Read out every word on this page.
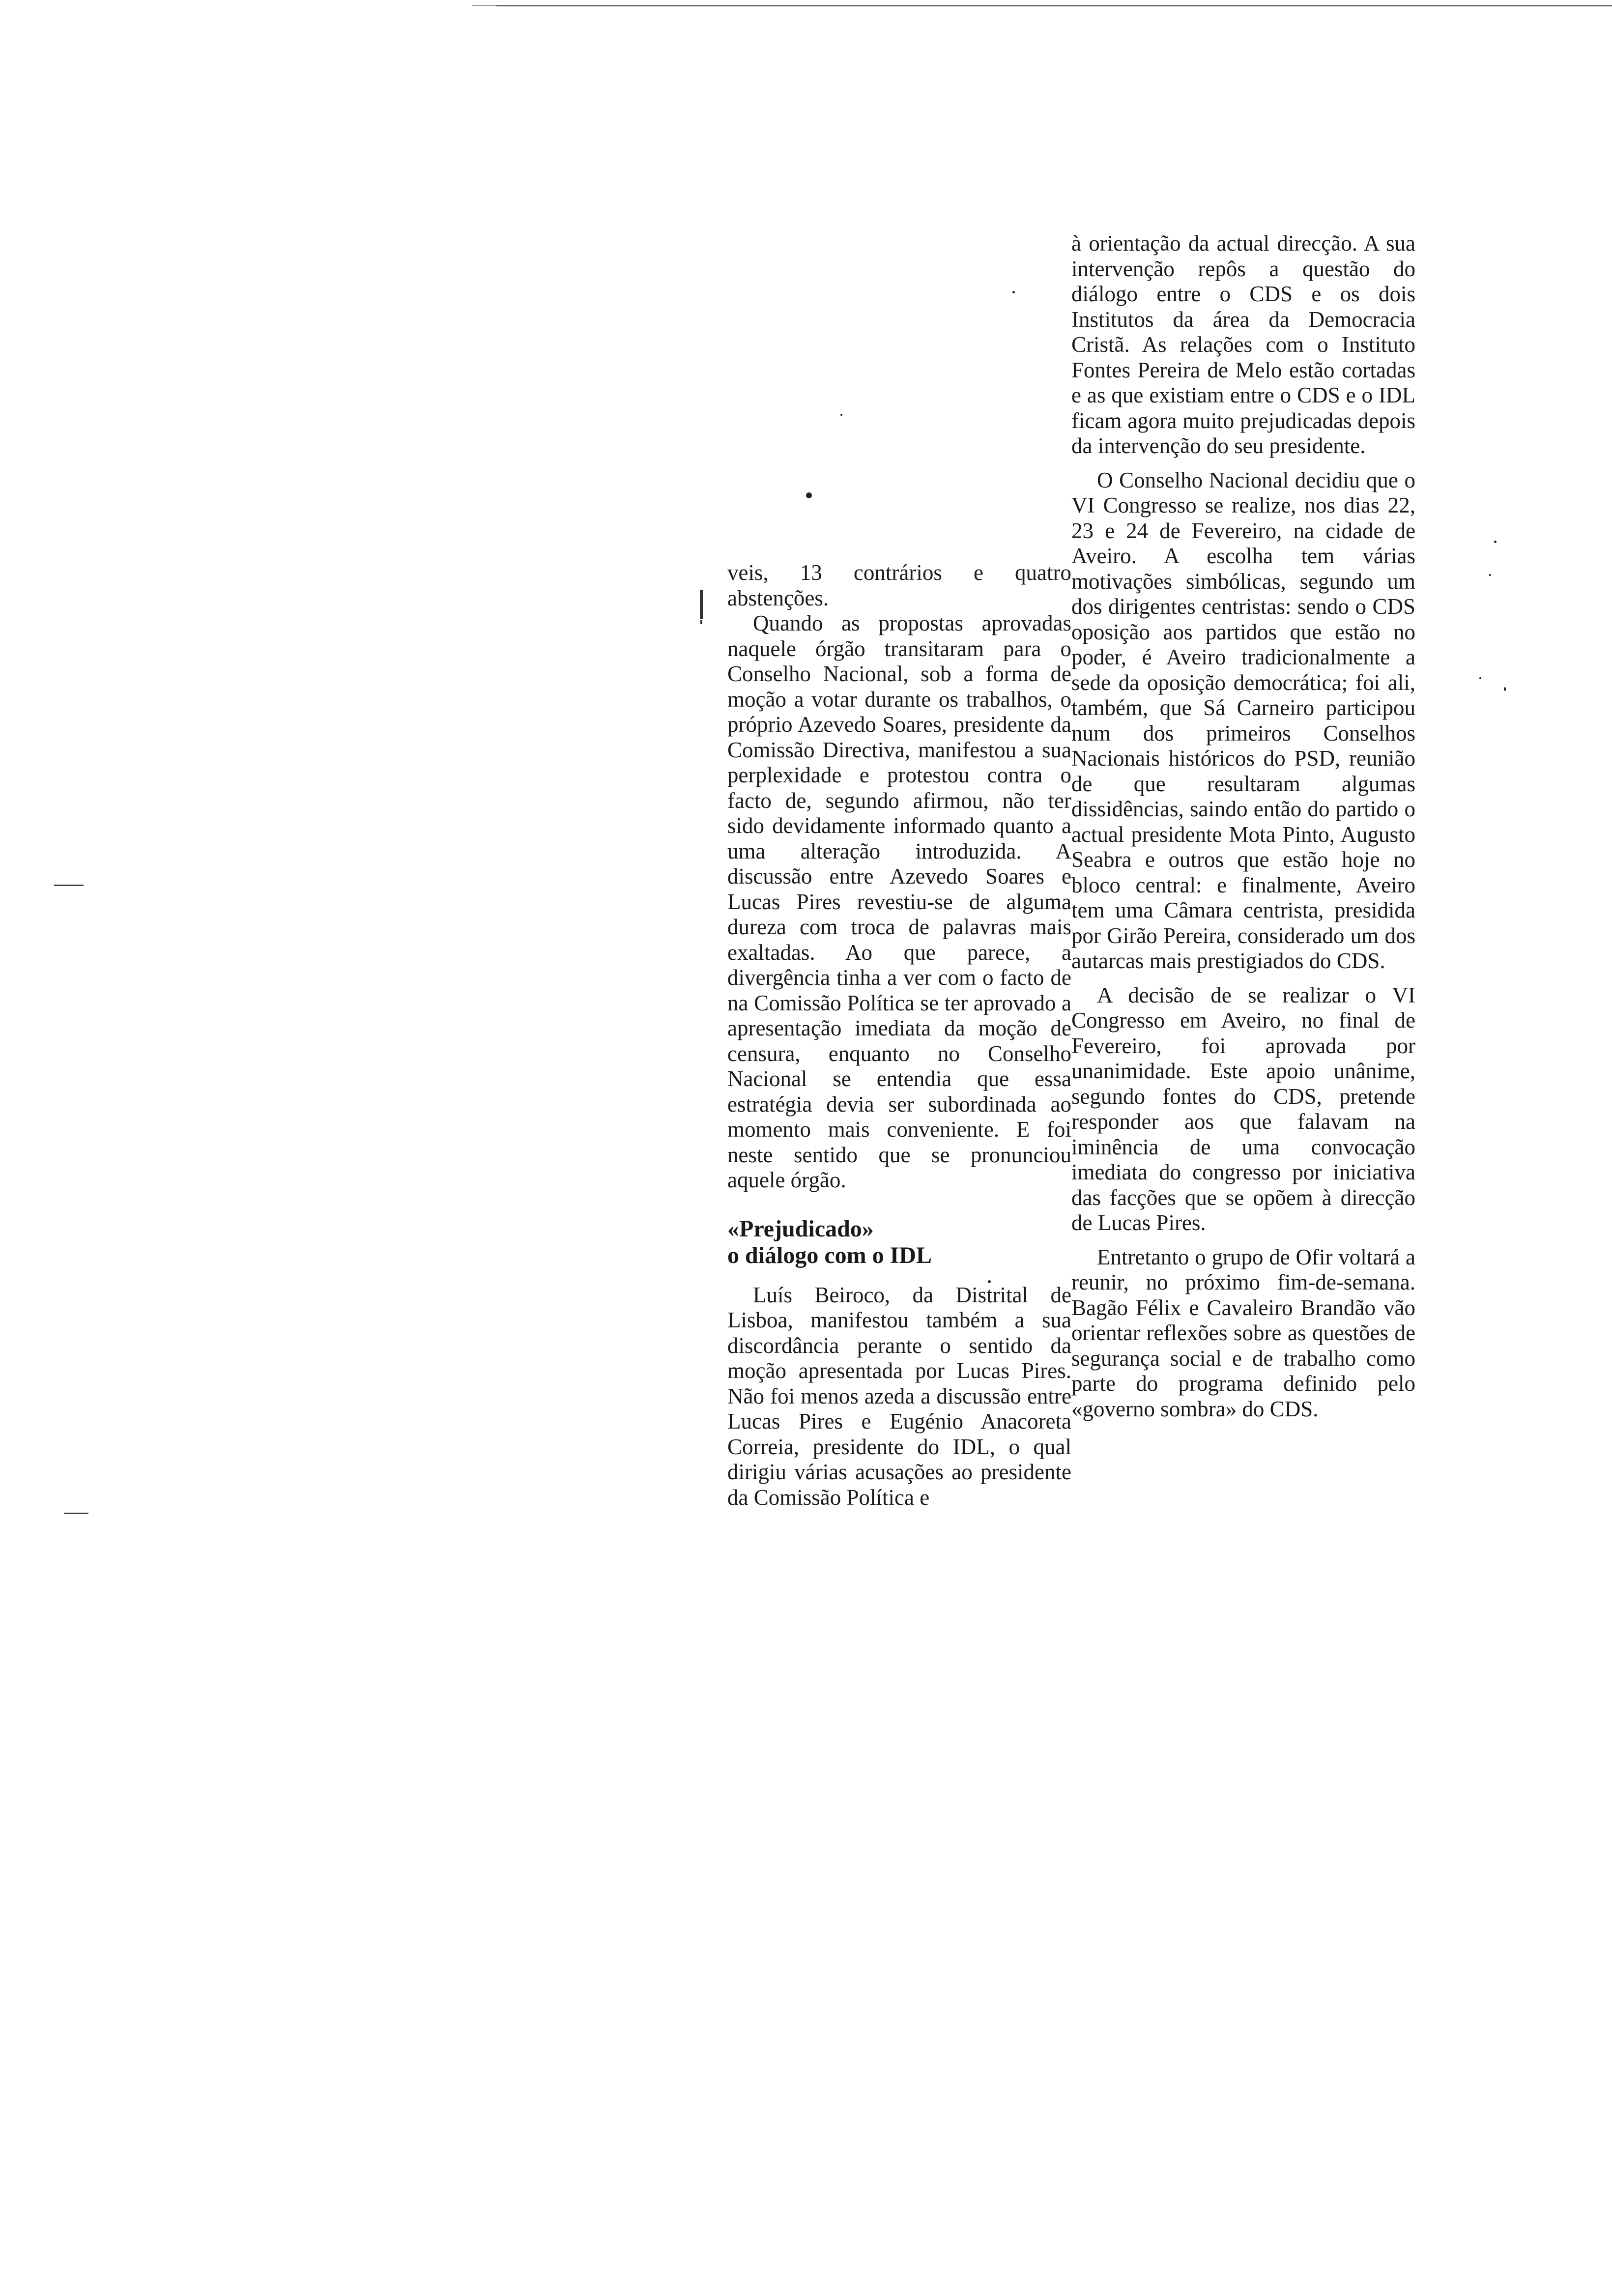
veis, 13 contrários e quatro abstenções.

Quando as propostas aprovadas naquele órgão transitaram para o Conselho Nacional, sob a forma de moção a votar durante os trabalhos, o próprio Azevedo Soares, presidente da Comissão Directiva, manifestou a sua perplexidade e protestou contra o facto de, segundo afirmou, não ter sido devidamente informado quanto a uma alteração introduzida. A discussão entre Azevedo Soares e Lucas Pires revestiu-se de alguma dureza com troca de palavras mais exaltadas. Ao que parece, a divergência tinha a ver com o facto de na Comissão Política se ter aprovado a apresentação imediata da moção de censura, enquanto no Conselho Nacional se entendia que essa estratégia devia ser subordinada ao momento mais conveniente. E foi neste sentido que se pronunciou aquele órgão.

«Prejudicado»
o diálogo com o IDL

Luís Beiroco, da Distrital de Lisboa, manifestou também a sua discordância perante o sentido da moção apresentada por Lucas Pires. Não foi menos azeda a discussão entre Lucas Pires e Eugénio Anacoreta Correia, presidente do IDL, o qual dirigiu várias acusações ao presidente da Comissão Política e

à orientação da actual direcção. A sua intervenção repôs a questão do diálogo entre o CDS e os dois Institutos da área da Democracia Cristã. As relações com o Instituto Fontes Pereira de Melo estão cortadas e as que existiam entre o CDS e o IDL ficam agora muito prejudicadas depois da intervenção do seu presidente.

O Conselho Nacional decidiu que o VI Congresso se realize, nos dias 22, 23 e 24 de Fevereiro, na cidade de Aveiro. A escolha tem várias motivações simbólicas, segundo um dos dirigentes centristas: sendo o CDS oposição aos partidos que estão no poder, é Aveiro tradicionalmente a sede da oposição democrática; foi ali, também, que Sá Carneiro participou num dos primeiros Conselhos Nacionais históricos do PSD, reunião de que resultaram algumas dissidências, saindo então do partido o actual presidente Mota Pinto, Augusto Seabra e outros que estão hoje no bloco central: e finalmente, Aveiro tem uma Câmara centrista, presidida por Girão Pereira, considerado um dos autarcas mais prestigiados do CDS.

A decisão de se realizar o VI Congresso em Aveiro, no final de Fevereiro, foi aprovada por unanimidade. Este apoio unânime, segundo fontes do CDS, pretende responder aos que falavam na iminência de uma convocação imediata do congresso por iniciativa das facções que se opõem à direcção de Lucas Pires.

Entretanto o grupo de Ofir voltará a reunir, no próximo fim-de-semana. Bagão Félix e Cavaleiro Brandão vão orientar reflexões sobre as questões de segurança social e de trabalho como parte do programa definido pelo «governo sombra» do CDS.
